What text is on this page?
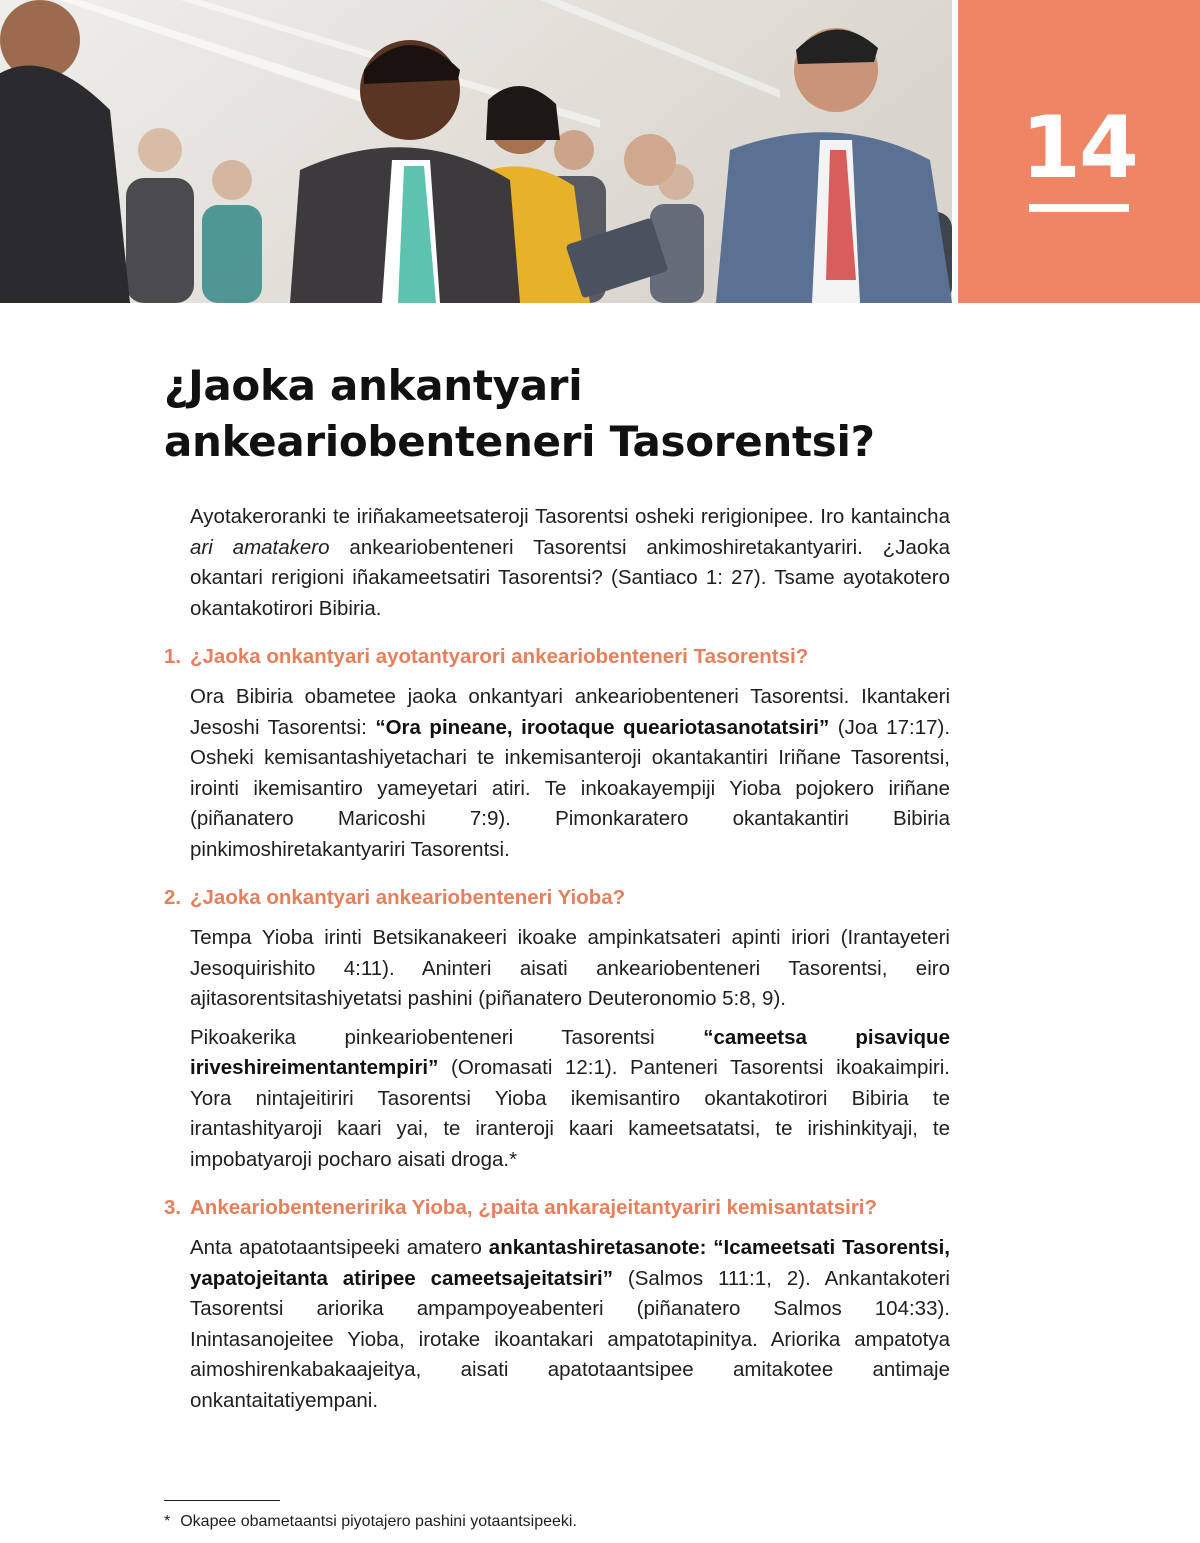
14
¿Jaoka ankantyari ankeariobenteneri Tasorentsi?

Ayotakeroranki te iriñakameetsateroji Tasorentsi osheki rerigionipee. Iro kantaincha ari amatakero ankeariobenteneri Tasorentsi ankimoshiretakantyariri. ¿Jaoka okantari rerigioni iñakameetsatiri Tasorentsi? (Santiaco 1: 27). Tsame ayotakotero okantakotirori Bibiria.

1. ¿Jaoka onkantyari ayotantyarori ankeariobenteneri Tasorentsi?

Ora Bibiria obametee jaoka onkantyari ankeariobenteneri Tasorentsi. Ikantakeri Jesoshi Tasorentsi: “Ora pineane, irootaque queariotasanotatsiri” (Joa 17:17). Osheki kemisantashiyetachari te inkemisanteroji okantakantiri Iriñane Tasorentsi, irointi ikemisantiro yameyetari atiri. Te inkoakayempiji Yioba pojokero iriñane (piñanatero Maricoshi 7:9). Pimonkaratero okantakantiri Bibiria pinkimoshiretakantyariri Tasorentsi.

2. ¿Jaoka onkantyari ankeariobenteneri Yioba?

Tempa Yioba irinti Betsikanakeeri ikoake ampinkatsateri apinti iriori (Irantayeteri Jesoquirishito 4:11). Aninteri aisati ankeariobenteneri Tasorentsi, eiro ajitasorentsitashiyetatsi pashini (piñanatero Deuteronomio 5:8, 9).

Pikoakerika pinkeariobenteneri Tasorentsi “cameetsa pisavique iriveshireimentantempiri” (Oromasati 12:1). Panteneri Tasorentsi ikoakaimpiri. Yora nintajeitiriri Tasorentsi Yioba ikemisantiro okantakotirori Bibiria te irantashityaroji kaari yai, te iranteroji kaari kameetsatatsi, te irishinkityaji, te impobatyaroji pocharo aisati droga.*

3. Ankeariobenteneririka Yioba, ¿paita ankarajeitantyariri kemisantatsiri?

Anta apatotaantsipeeki amatero ankantashiretasanote: “Icameetsati Tasorentsi, yapatojeitanta atiripee cameetsajeitatsiri” (Salmos 111:1, 2). Ankantakoteri Tasorentsi ariorika ampampoyeabenteri (piñanatero Salmos 104:33). Inintasanojeitee Yioba, irotake ikoantakari ampatotapinitya. Ariorika ampatotya aimoshirenkabakaajeitya, aisati apatotaantsipee amitakotee antimaje onkantaitatiyempani.

* Okapee obametaantsi piyotajero pashini yotaantsipeeki.
